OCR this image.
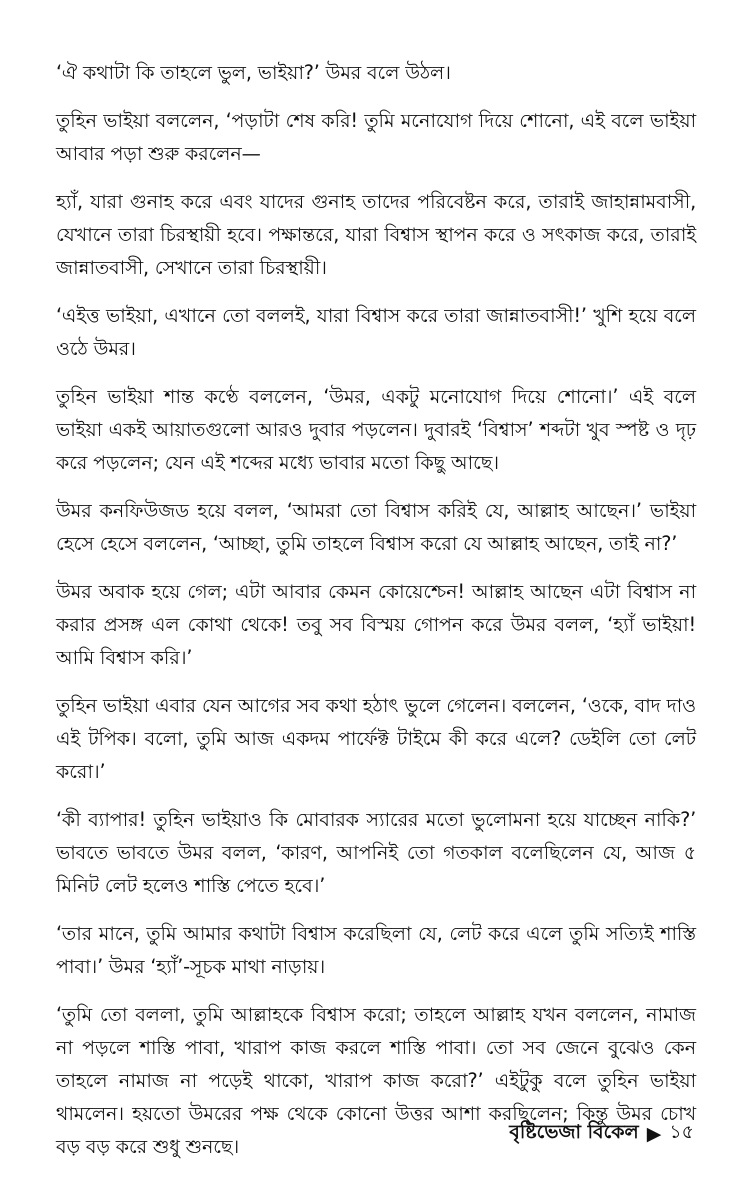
‘ঐ কথাটা কি তাহলে ভুল, ভাইয়া?’ উমর বলে উঠল।

তুহিন ভাইয়া বললেন, ‘পড়াটা শেষ করি! তুমি মনোযোগ দিয়ে শোনো, এই বলে ভাইয়া আবার পড়া শুরু করলেন—

হ্যাঁ, যারা গুনাহ করে এবং যাদের গুনাহ তাদের পরিবেষ্টন করে, তারাই জাহান্নামবাসী, যেখানে তারা চিরস্থায়ী হবে। পক্ষান্তরে, যারা বিশ্বাস স্থাপন করে ও সৎকাজ করে, তারাই জান্নাতবাসী, সেখানে তারা চিরস্থায়ী।

‘এইত্ত ভাইয়া, এখানে তো বললই, যারা বিশ্বাস করে তারা জান্নাতবাসী!’ খুশি হয়ে বলে ওঠে উমর।

তুহিন ভাইয়া শান্ত কণ্ঠে বললেন, ‘উমর, একটু মনোযোগ দিয়ে শোনো।’ এই বলে ভাইয়া একই আয়াতগুলো আরও দুবার পড়লেন। দুবারই ‘বিশ্বাস’ শব্দটা খুব স্পষ্ট ও দৃঢ় করে পড়লেন; যেন এই শব্দের মধ্যে ভাবার মতো কিছু আছে।

উমর কনফিউজড হয়ে বলল, ‘আমরা তো বিশ্বাস করিই যে, আল্লাহ আছেন।’ ভাইয়া হেসে হেসে বললেন, ‘আচ্ছা, তুমি তাহলে বিশ্বাস করো যে আল্লাহ আছেন, তাই না?’

উমর অবাক হয়ে গেল; এটা আবার কেমন কোয়েশ্চেন! আল্লাহ আছেন এটা বিশ্বাস না করার প্রসঙ্গ এল কোথা থেকে! তবু সব বিস্ময় গোপন করে উমর বলল, ‘হ্যাঁ ভাইয়া! আমি বিশ্বাস করি।’

তুহিন ভাইয়া এবার যেন আগের সব কথা হঠাৎ ভুলে গেলেন। বললেন, ‘ওকে, বাদ দাও এই টপিক। বলো, তুমি আজ একদম পার্ফেক্ট টাইমে কী করে এলে? ডেইলি তো লেট করো।’

‘কী ব্যাপার! তুহিন ভাইয়াও কি মোবারক স্যারের মতো ভুলোমনা হয়ে যাচ্ছেন নাকি?’ ভাবতে ভাবতে উমর বলল, ‘কারণ, আপনিই তো গতকাল বলেছিলেন যে, আজ ৫ মিনিট লেট হলেও শাস্তি পেতে হবে।’

‘তার মানে, তুমি আমার কথাটা বিশ্বাস করেছিলা যে, লেট করে এলে তুমি সত্যিই শাস্তি পাবা।’ উমর ‘হ্যাঁ’-সূচক মাথা নাড়ায়।

‘তুমি তো বললা, তুমি আল্লাহকে বিশ্বাস করো; তাহলে আল্লাহ যখন বললেন, নামাজ না পড়লে শাস্তি পাবা, খারাপ কাজ করলে শাস্তি পাবা। তো সব জেনে বুঝেও কেন তাহলে নামাজ না পড়েই থাকো, খারাপ কাজ করো?’ এইটুকু বলে তুহিন ভাইয়া থামলেন। হয়তো উমরের পক্ষ থেকে কোনো উত্তর আশা করছিলেন; কিন্তু উমর চোখ বড় বড় করে শুধু শুনছে।

বৃষ্টিভেজা বিকেল ▶ ১৫
